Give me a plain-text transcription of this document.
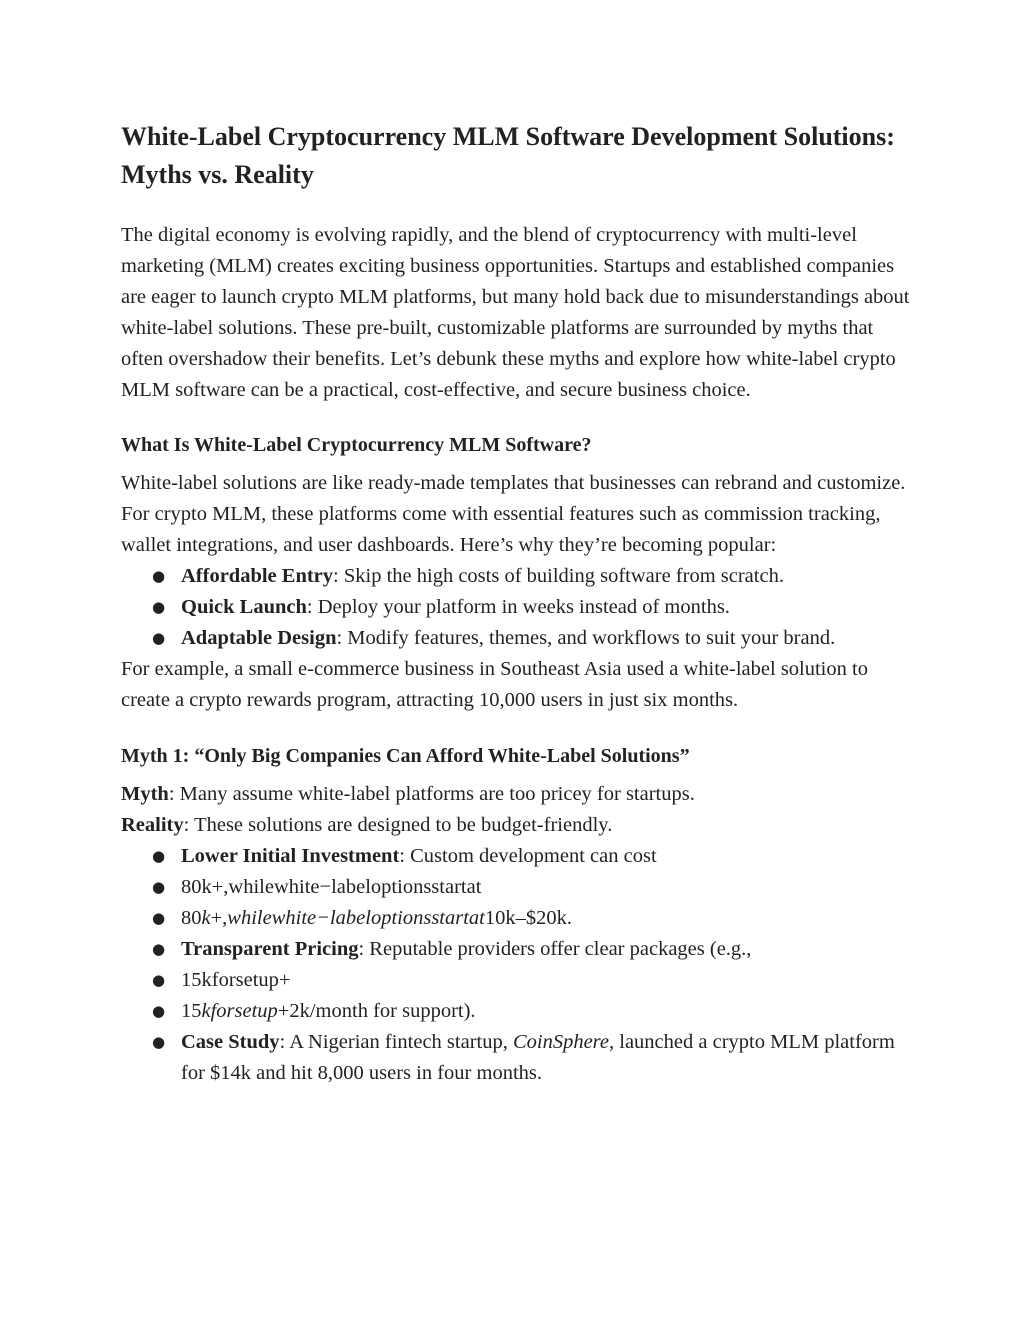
White-Label Cryptocurrency MLM Software Development Solutions: Myths vs. Reality

The digital economy is evolving rapidly, and the blend of cryptocurrency with multi-level marketing (MLM) creates exciting business opportunities. Startups and established companies are eager to launch crypto MLM platforms, but many hold back due to misunderstandings about white-label solutions. These pre-built, customizable platforms are surrounded by myths that often overshadow their benefits. Let’s debunk these myths and explore how white-label crypto MLM software can be a practical, cost-effective, and secure business choice.

What Is White-Label Cryptocurrency MLM Software?

White-label solutions are like ready-made templates that businesses can rebrand and customize. For crypto MLM, these platforms come with essential features such as commission tracking, wallet integrations, and user dashboards. Here’s why they’re becoming popular:

● Affordable Entry: Skip the high costs of building software from scratch.
● Quick Launch: Deploy your platform in weeks instead of months.
● Adaptable Design: Modify features, themes, and workflows to suit your brand.

For example, a small e-commerce business in Southeast Asia used a white-label solution to create a crypto rewards program, attracting 10,000 users in just six months.

Myth 1: “Only Big Companies Can Afford White-Label Solutions”

Myth: Many assume white-label platforms are too pricey for startups.

Reality: These solutions are designed to be budget-friendly.

● Lower Initial Investment: Custom development can cost
● 80k+,whilewhite−labeloptionsstartat
● 80k+,whilewhite−labeloptionsstartat10k–$20k.
● Transparent Pricing: Reputable providers offer clear packages (e.g.,
● 15kforsetup+
● 15kforsetup+2k/month for support).
● Case Study: A Nigerian fintech startup, CoinSphere, launched a crypto MLM platform for $14k and hit 8,000 users in four months.
